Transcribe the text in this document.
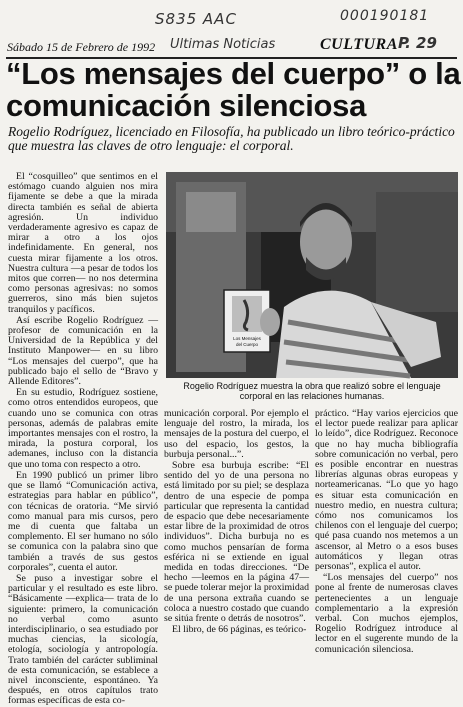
S835 AAC	000190181
Ultimas Noticias	P. 29
Sábado 15 de Febrero de 1992	CULTURA
“Los mensajes del cuerpo” o la comunicación silenciosa
Rogelio Rodríguez, licenciado en Filosofía, ha publicado un libro teórico-práctico que muestra las claves de otro lenguaje: el corporal.

El “cosquilleo” que sentimos en el estómago cuando alguien nos mira fijamente se debe a que la mirada directa también es señal de abierta agresión. Un individuo verdaderamente agresivo es capaz de mirar a otro a los ojos indefinidamente. En general, nos cuesta mirar fijamente a los otros. Nuestra cultura —a pesar de todos los mitos que corren— no nos determina como personas agresivas: no somos guerreros, sino más bien sujetos tranquilos y pacíficos.

Así escribe Rogelio Rodríguez —profesor de comunicación en la Universidad de la República y del Instituto Manpower— en su libro “Los mensajes del cuerpo”, que ha publicado bajo el sello de “Bravo y Allende Editores”.

En su estudio, Rodríguez sostiene, como otros entendidos europeos, que cuando uno se comunica con otras personas, además de palabras emite importantes mensajes con el rostro, la mirada, la postura corporal, los ademanes, incluso con la distancia que uno toma con respecto a otro.

En 1990 publicó un primer libro que se llamó “Comunicación activa, estrategias para hablar en público”, con técnicas de oratoria. “Me sirvió como manual para mis cursos, pero me di cuenta que faltaba un complemento. El ser humano no sólo se comunica con la palabra sino que también a través de sus gestos corporales”, cuenta el autor.

Se puso a investigar sobre el particular y el resultado es este libro. “Básicamente —explica— trata de lo siguiente: primero, la comunicación no verbal como asunto interdisciplinario, o sea estudiado por muchas ciencias, la sicología, etología, sociología y antropología. Trato también del carácter subliminal de esta comunicación, se establece a nivel inconsciente, espontáneo. Ya después, en otros capítulos trato formas específicas de esta co-

Los Mensajes
del Cuerpo
Rogelio Rodríguez muestra la obra que realizó sobre el lenguaje corporal en las relaciones humanas.

municación corporal. Por ejemplo el lenguaje del rostro, la mirada, los mensajes de la postura del cuerpo, el uso del espacio, los gestos, la burbuja personal...”.

Sobre esa burbuja escribe: “El sentido del yo de una persona no está limitado por su piel; se desplaza dentro de una especie de pompa particular que representa la cantidad de espacio que debe necesariamente estar libre de la proximidad de otros individuos”. Dicha burbuja no es como muchos pensarían de forma esférica ni se extiende en igual medida en todas direcciones. “De hecho —leemos en la página 47— se puede tolerar mejor la proximidad de una persona extraña cuando se coloca a nuestro costado que cuando se sitúa frente o detrás de nosotros”.

El libro, de 66 páginas, es teórico-

práctico. “Hay varios ejercicios que el lector puede realizar para aplicar lo leído”, dice Rodríguez. Reconoce que no hay mucha bibliografía sobre comunicación no verbal, pero es posible encontrar en nuestras librerías algunas obras europeas y norteamericanas. “Lo que yo hago es situar esta comunicación en nuestro medio, en nuestra cultura; cómo nos comunicamos los chilenos con el lenguaje del cuerpo; qué pasa cuando nos metemos a un ascensor, al Metro o a esos buses automáticos y llegan otras personas”, explica el autor.

“Los mensajes del cuerpo” nos pone al frente de numerosas claves pertenecientes a un lenguaje complementario a la expresión verbal. Con muchos ejemplos, Rogelio Rodríguez introduce al lector en el sugerente mundo de la comunicación silenciosa.
